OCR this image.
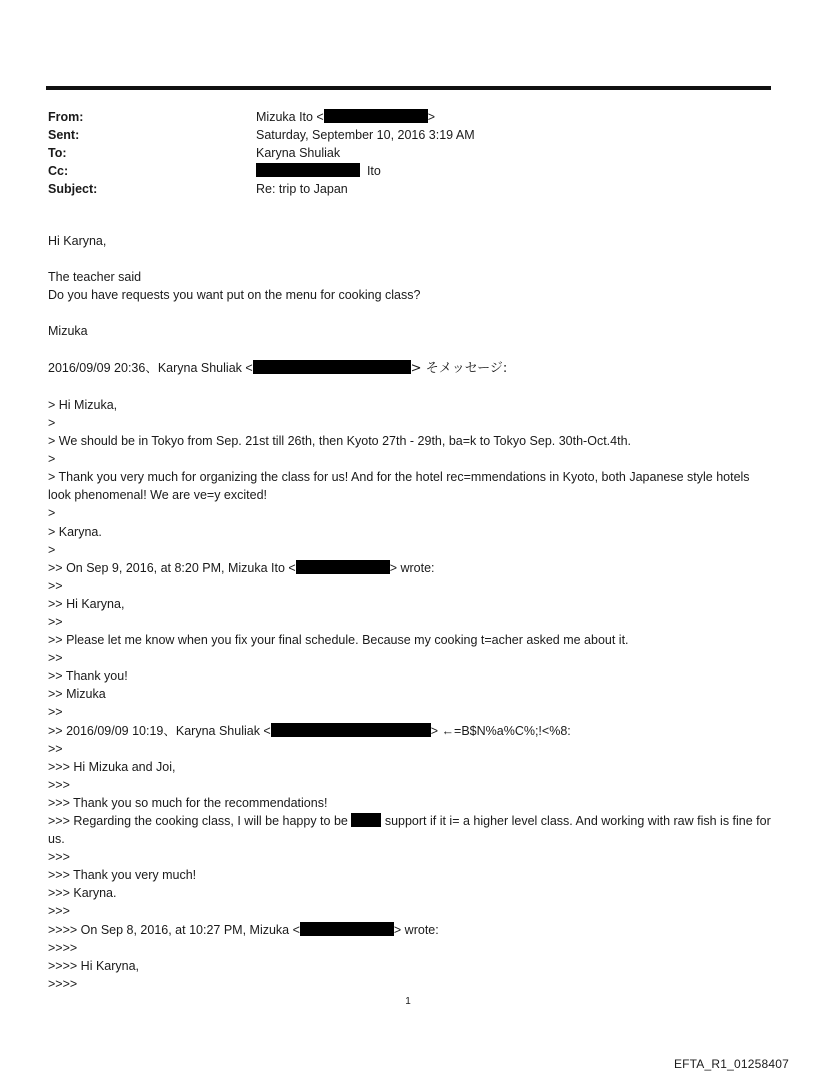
From:	Mizuka Ito <	>
Sent:	Saturday, September 10, 2016 3:19 AM
To:	Karyna Shuliak
Cc:	Ito
Subject:	Re: trip to Japan
Hi Karyna,
The teacher said
Do you have requests you want put on the menu for cooking class?
Mizuka
2016/09/09 20:36、Karyna Shuliak <	> そメッセージ:
> Hi Mizuka,
>
> We should be in Tokyo from Sep. 21st till 26th, then Kyoto 27th - 29th, ba=k to Tokyo Sep. 30th-Oct.4th.
>
> Thank you very much for organizing the class for us! And for the hotel rec=mmendations in Kyoto, both Japanese style hotels look phenomenal! We are ve=y excited!
>
> Karyna.
>
>> On Sep 9, 2016, at 8:20 PM, Mizuka Ito <	> wrote:
>>
>> Hi Karyna,
>>
>> Please let me know when you fix your final schedule. Because my cooking t=acher asked me about it.
>>
>> Thank you!
>> Mizuka
>>
>> 2016/09/09 10:19、Karyna Shuliak <	> ←=B$N%a%C%;!<%8:
>>
>>> Hi Mizuka and Joi,
>>>
>>> Thank you so much for the recommendations!
>>> Regarding the cooking class, I will be happy to be	support if it i= a higher level class. And working with raw fish is fine for us.
>>>
>>> Thank you very much!
>>> Karyna.
>>>
>>>> On Sep 8, 2016, at 10:27 PM, Mizuka <	> wrote:
>>>>
>>>> Hi Karyna,
>>>>
1
EFTA_R1_01258407
